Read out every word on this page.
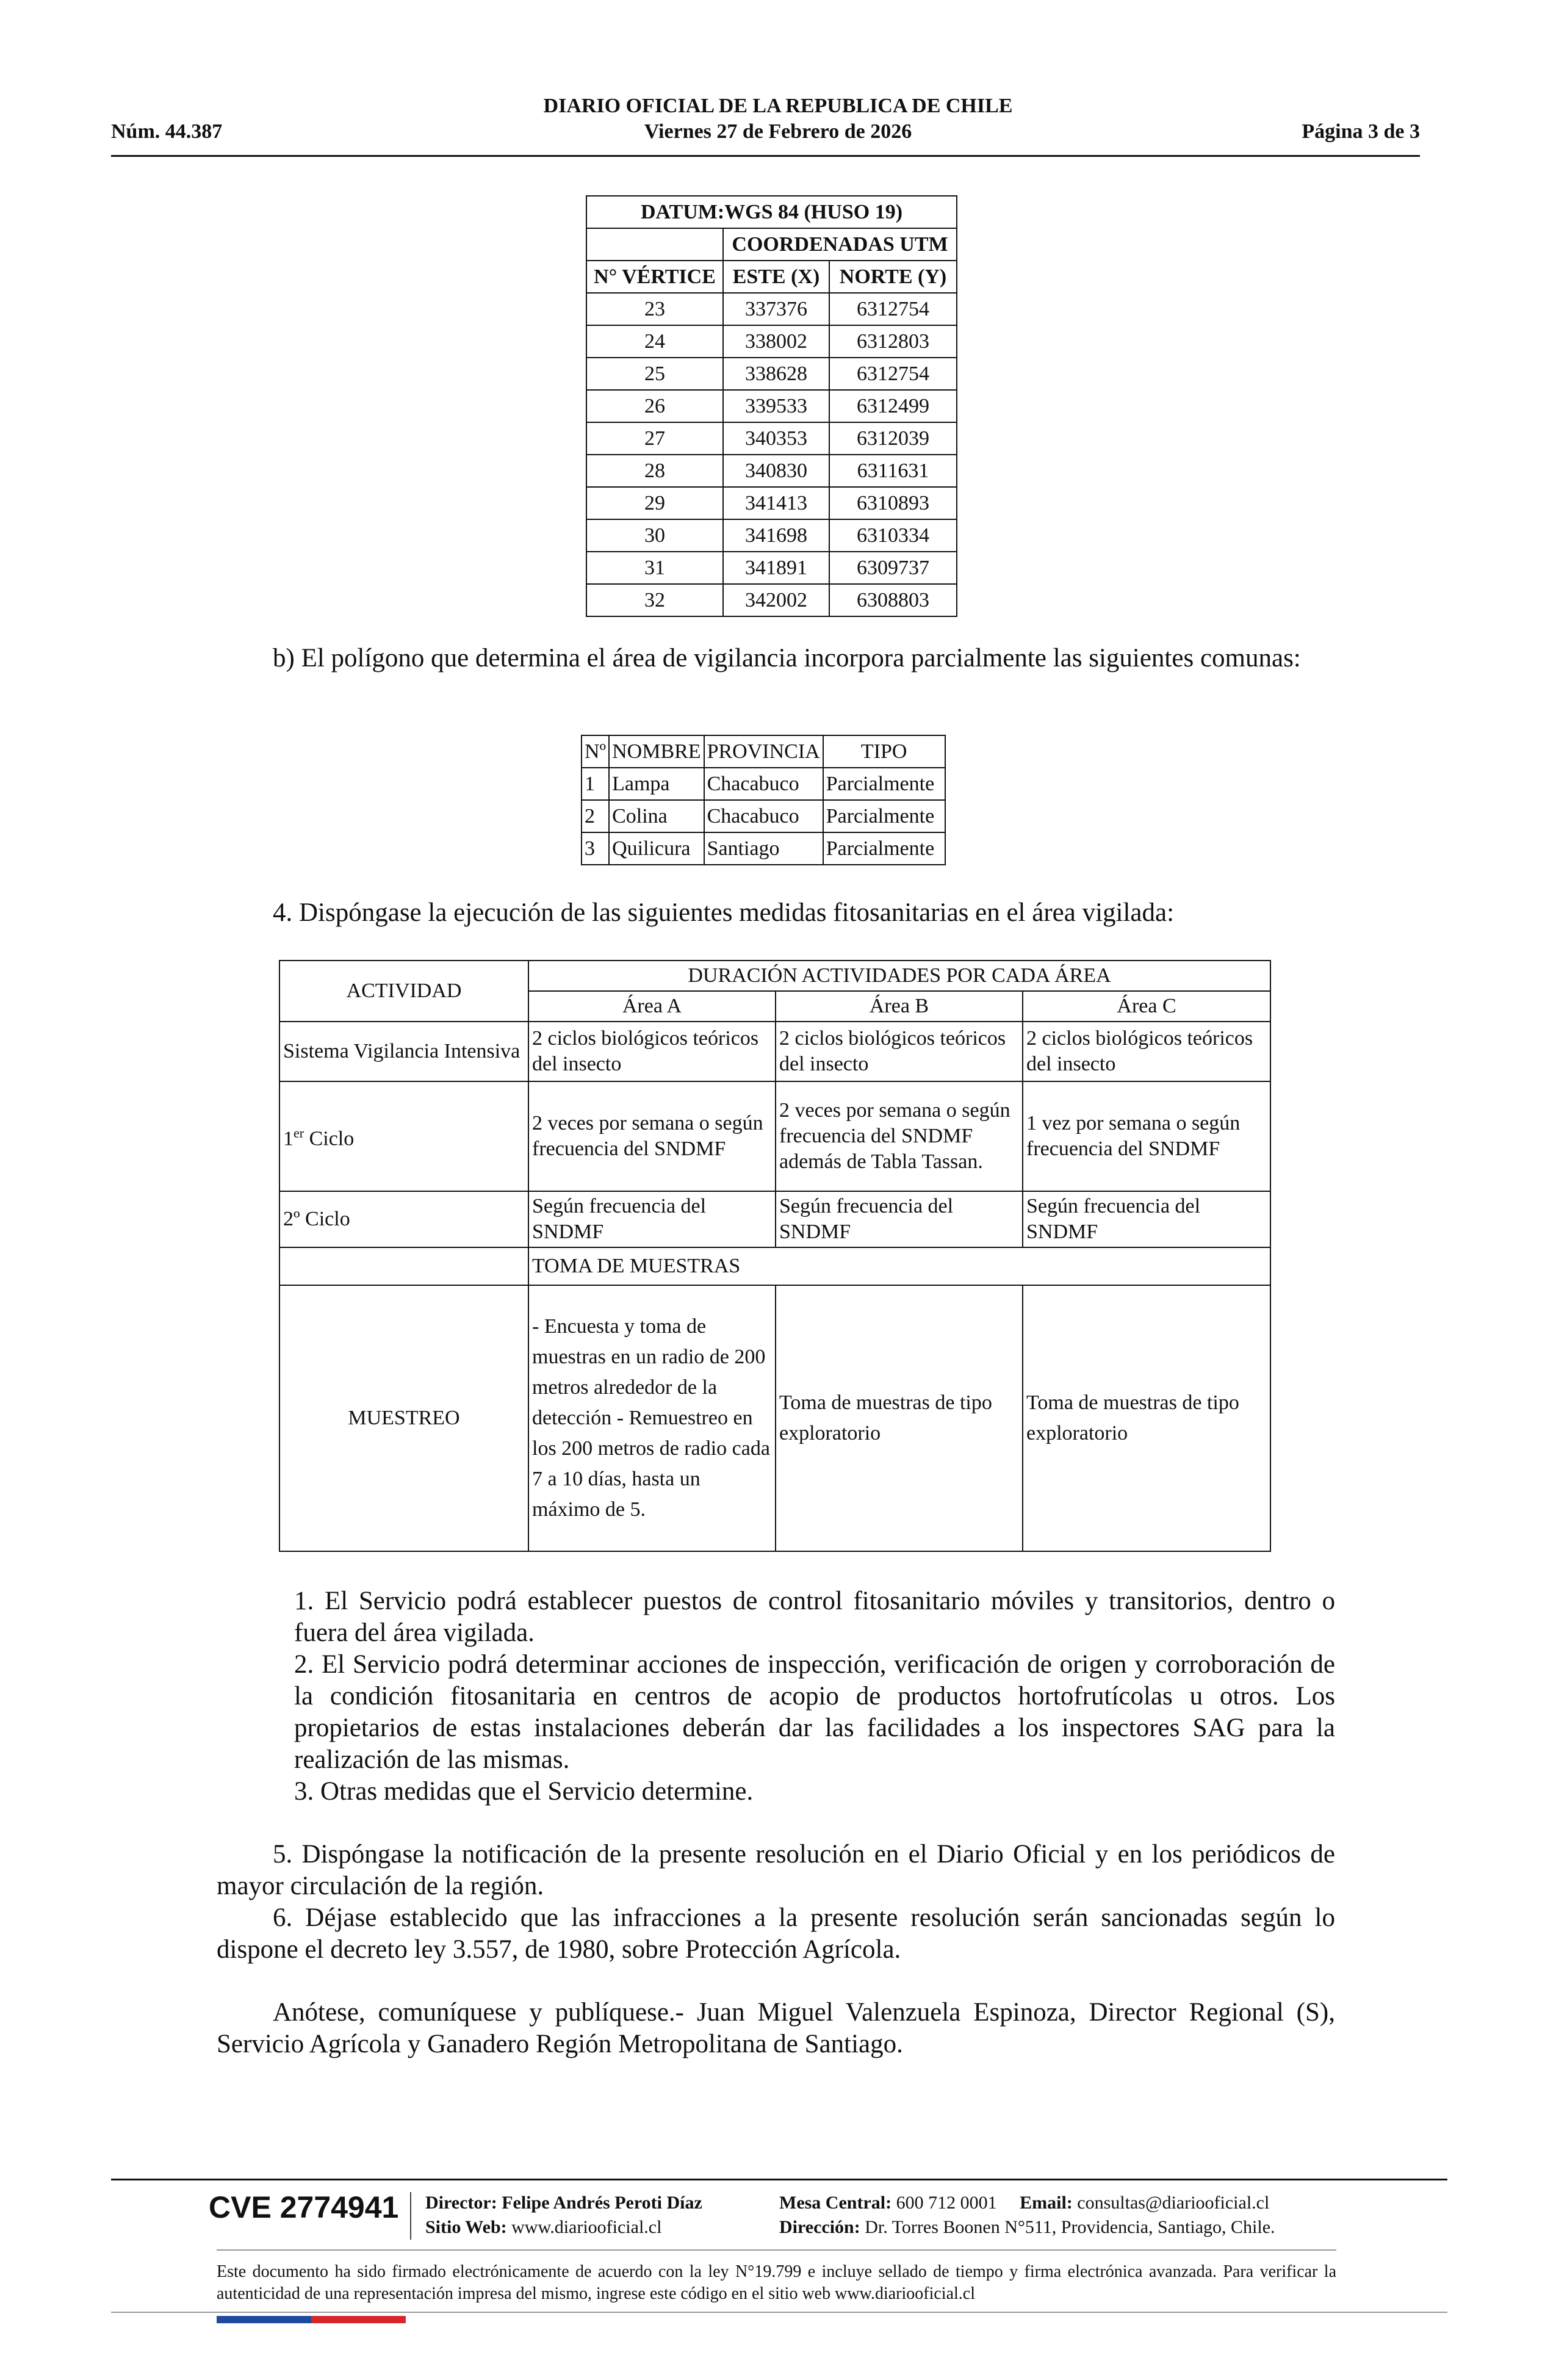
DIARIO OFICIAL DE LA REPUBLICA DE CHILE
Núm. 44.387	Viernes 27 de Febrero de 2026	Página 3 de 3
DATUM:WGS 84 (HUSO 19)		
	COORDENADAS UTM	
N° VÉRTICE	ESTE (X)	NORTE (Y)
23	337376	6312754
24	338002	6312803
25	338628	6312754
26	339533	6312499
27	340353	6312039
28	340830	6311631
29	341413	6310893
30	341698	6310334
31	341891	6309737
32	342002	6308803
b) El polígono que determina el área de vigilancia incorpora parcialmente las siguientes comunas:
Nº	NOMBRE	PROVINCIA	TIPO
1	Lampa	Chacabuco	Parcialmente
2	Colina	Chacabuco	Parcialmente
3	Quilicura	Santiago	Parcialmente
4. Dispóngase la ejecución de las siguientes medidas fitosanitarias en el área vigilada:
ACTIVIDAD	DURACIÓN ACTIVIDADES POR CADA ÁREA		
	Área A	Área B	Área C
Sistema Vigilancia Intensiva	2 ciclos biológicos teóricos del insecto	2 ciclos biológicos teóricos del insecto	2 ciclos biológicos teóricos del insecto
1er Ciclo	2 veces por semana o según frecuencia del SNDMF	2 veces por semana o según frecuencia del SNDMF además de Tabla Tassan.	1 vez por semana o según frecuencia del SNDMF
2º Ciclo	Según frecuencia del SNDMF	Según frecuencia del SNDMF	Según frecuencia del SNDMF
	TOMA DE MUESTRAS		
MUESTREO	- Encuesta y toma de muestras en un radio de 200 metros alrededor de la detección - Remuestreo en los 200 metros de radio cada 7 a 10 días, hasta un máximo de 5.	Toma de muestras de tipo exploratorio	Toma de muestras de tipo exploratorio
1. El Servicio podrá establecer puestos de control fitosanitario móviles y transitorios, dentro o fuera del área vigilada.
2. El Servicio podrá determinar acciones de inspección, verificación de origen y corroboración de la condición fitosanitaria en centros de acopio de productos hortofrutícolas u otros. Los propietarios de estas instalaciones deberán dar las facilidades a los inspectores SAG para la realización de las mismas.
3. Otras medidas que el Servicio determine.
5. Dispóngase la notificación de la presente resolución en el Diario Oficial y en los periódicos de mayor circulación de la región.
6. Déjase establecido que las infracciones a la presente resolución serán sancionadas según lo dispone el decreto ley 3.557, de 1980, sobre Protección Agrícola.
Anótese, comuníquese y publíquese.- Juan Miguel Valenzuela Espinoza, Director Regional (S), Servicio Agrícola y Ganadero Región Metropolitana de Santiago.
CVE 2774941 Director: Felipe Andrés Peroti Díaz
Sitio Web: www.diariooficial.cl
Mesa Central: 600 712 0001 Email: consultas@diariooficial.cl
Dirección: Dr. Torres Boonen N°511, Providencia, Santiago, Chile.
Este documento ha sido firmado electrónicamente de acuerdo con la ley N°19.799 e incluye sellado de tiempo y firma electrónica avanzada. Para verificar la autenticidad de una representación impresa del mismo, ingrese este código en el sitio web www.diariooficial.cl
